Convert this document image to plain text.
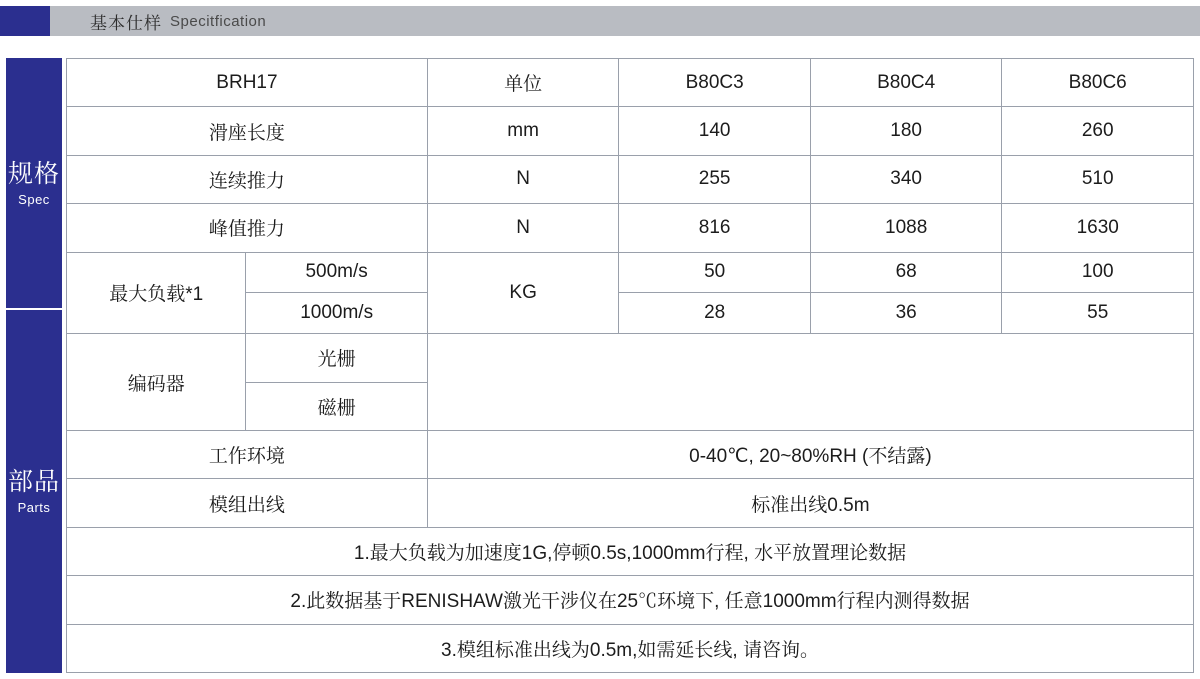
基本仕样 Specitfication
规格
Spec
部品
Parts
BRH17		单位	B80C3	B80C4	B80C6
滑座长度		mm	140	180	260
连续推力		N	255	340	510
峰值推力		N	816	1088	1630
最大负载*1	500m/s	KG	50	68	100
	1000m/s		28	36	55
编码器	光栅				
	磁栅				
工作环境		0-40℃, 20~80%RH (不结露)			
模组出线		标准出线0.5m			
1.最大负载为加速度1G,停顿0.5s,1000mm行程, 水平放置理论数据					
2.此数据基于RENISHAW激光干涉仪在25℃环境下, 任意1000mm行程内测得数据					
3.模组标准出线为0.5m,如需延长线, 请咨询。					
